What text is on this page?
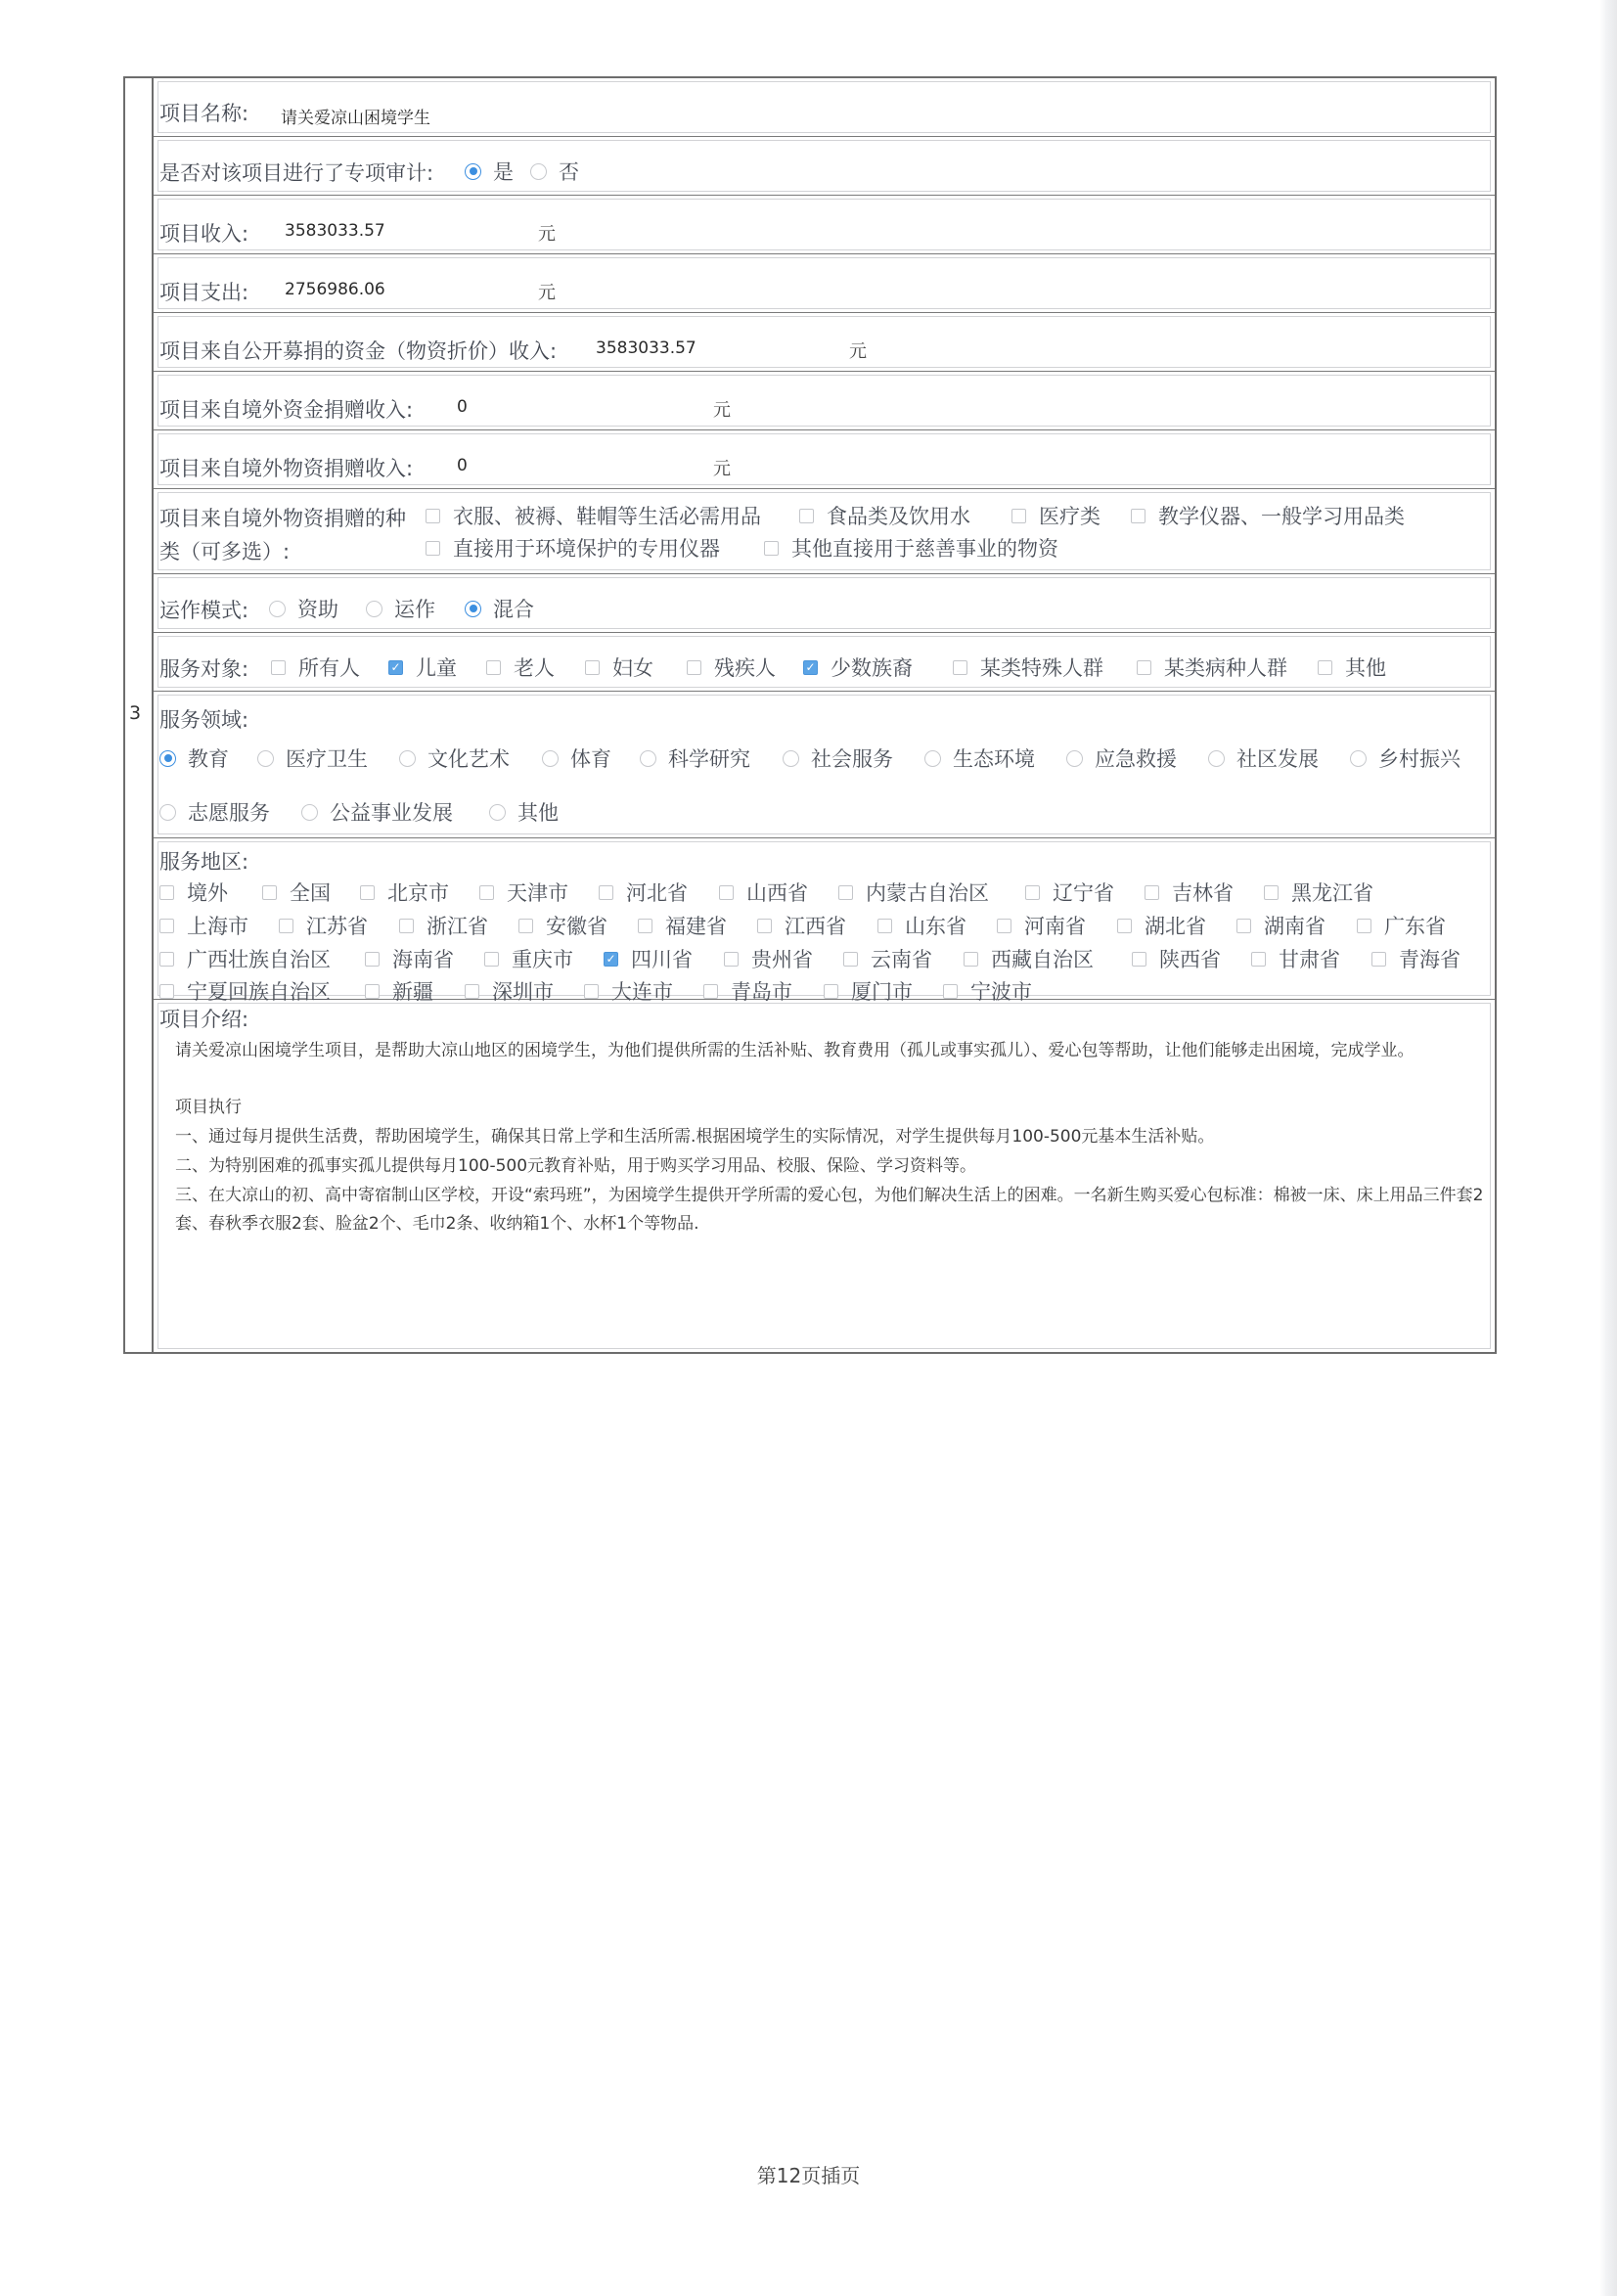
3
项目名称: 请关爱凉山困境学生
是否对该项目进行了专项审计:	是 否
项目收入: 3583033.57	元
项目支出: 2756986.06	元
项目来自公开募捐的资金（物资折价）收入: 3583033.57	元
项目来自境外资金捐赠收入:	0	元
项目来自境外物资捐赠收入:	0	元
项目来自境外物资捐赠的种
类（可多选）:
衣服、被褥、鞋帽等生活必需用品	食品类及饮用水	医疗类	教学仪器、一般学习用品类
直接用于环境保护的专用仪器	其他直接用于慈善事业的物资
运作模式: 资助	运作	混合
服务对象: 所有人	✓ 儿童	老人	妇女	残疾人	✓ 少数族裔	某类特殊人群	某类病种人群	其他
服务领域:
教育	医疗卫生	文化艺术	体育	科学研究	社会服务	生态环境	应急救援	社区发展	乡村振兴
志愿服务	公益事业发展	其他
服务地区:
境外	全国	北京市	天津市	河北省	山西省	内蒙古自治区	辽宁省	吉林省	黑龙江省
上海市	江苏省	浙江省	安徽省	福建省	江西省	山东省	河南省	湖北省	湖南省	广东省
广西壮族自治区	海南省	重庆市	✓ 四川省	贵州省	云南省	西藏自治区	陕西省	甘肃省	青海省
宁夏回族自治区	新疆	深圳市	大连市	青岛市	厦门市	宁波市
项目介绍:
请关爱凉山困境学生项目，是帮助大凉山地区的困境学生，为他们提供所需的生活补贴、教育费用（孤儿或事实孤儿）、爱心包等帮助，让他们能够走出困境，完成学业。
项目执行
一、通过每月提供生活费，帮助困境学生，确保其日常上学和生活所需.根据困境学生的实际情况，对学生提供每月100-500元基本生活补贴。
二、为特别困难的孤事实孤儿提供每月100-500元教育补贴，用于购买学习用品、校服、保险、学习资料等。
三、在大凉山的初、高中寄宿制山区学校，开设“索玛班”，为困境学生提供开学所需的爱心包，为他们解决生活上的困难。一名新生购买爱心包标准：棉被一床、床上用品三件套2套、春秋季衣服2套、脸盆2个、毛巾2条、收纳箱1个、水杯1个等物品.
第12页插页
